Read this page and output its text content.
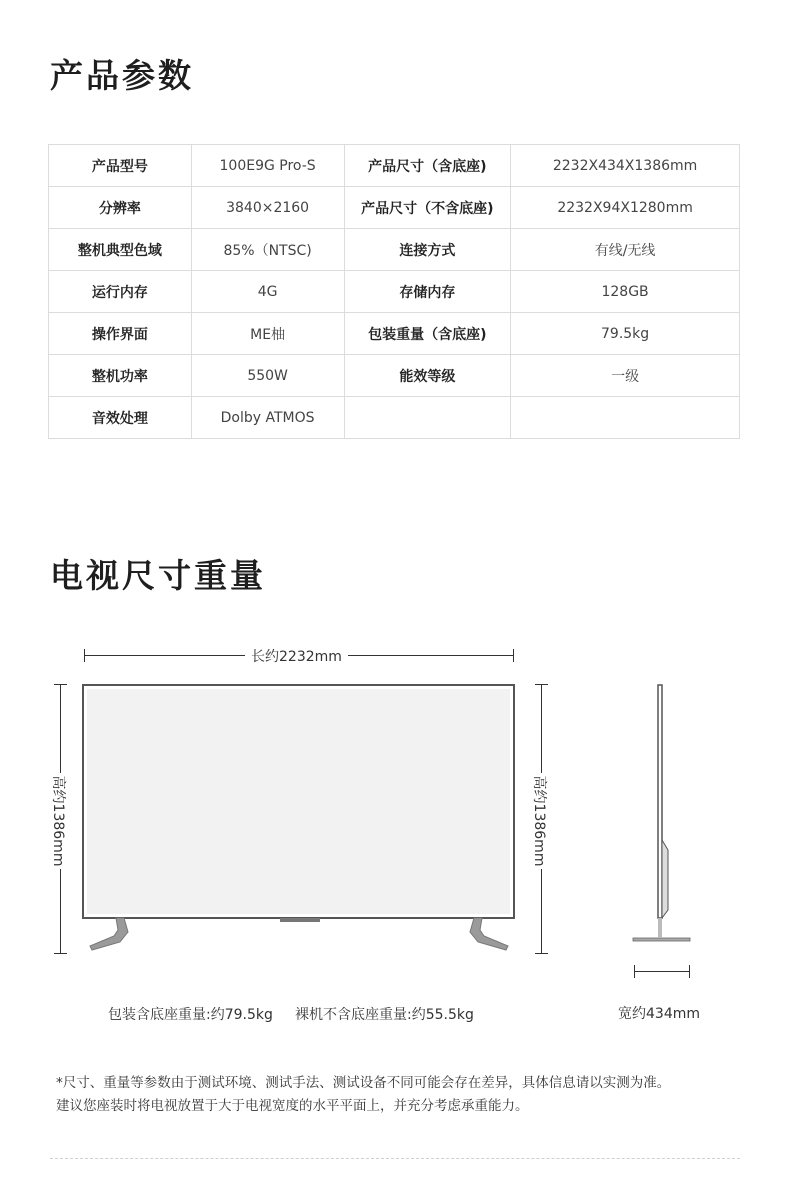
产品参数
产品型号	100E9G Pro-S	产品尺寸（含底座)	2232X434X1386mm
分辨率	3840×2160	产品尺寸（不含底座)	2232X94X1280mm
整机典型色域	85%（NTSC)	连接方式	有线/无线
运行内存	4G	存储内存	128GB
操作界面	ME柚	包装重量（含底座)	79.5kg
整机功率	550W	能效等级	一级
音效处理	Dolby ATMOS		
电视尺寸重量
长约2232mm
高约1386mm	高约1386mm
包装含底座重量:约79.5kg 裸机不含底座重量:约55.5kg	宽约434mm
*尺寸、重量等参数由于测试环境、测试手法、测试设备不同可能会存在差异，具体信息请以实测为准。
建议您座装时将电视放置于大于电视宽度的水平平面上，并充分考虑承重能力。
